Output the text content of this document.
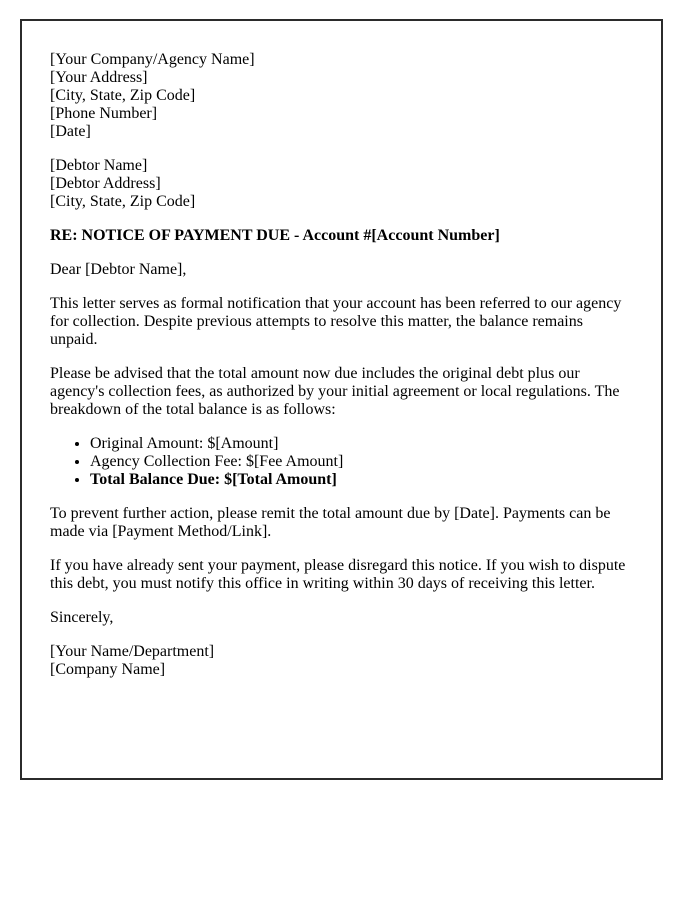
[Your Company/Agency Name]
[Your Address]
[City, State, Zip Code]
[Phone Number]
[Date]

[Debtor Name]
[Debtor Address]
[City, State, Zip Code]

RE: NOTICE OF PAYMENT DUE - Account #[Account Number]

Dear [Debtor Name],

This letter serves as formal notification that your account has been referred to our agency for collection. Despite previous attempts to resolve this matter, the balance remains unpaid.

Please be advised that the total amount now due includes the original debt plus our agency's collection fees, as authorized by your initial agreement or local regulations. The breakdown of the total balance is as follows:

• Original Amount: $[Amount]
• Agency Collection Fee: $[Fee Amount]
• Total Balance Due: $[Total Amount]

To prevent further action, please remit the total amount due by [Date]. Payments can be made via [Payment Method/Link].

If you have already sent your payment, please disregard this notice. If you wish to dispute this debt, you must notify this office in writing within 30 days of receiving this letter.

Sincerely,

[Your Name/Department]
[Company Name]
